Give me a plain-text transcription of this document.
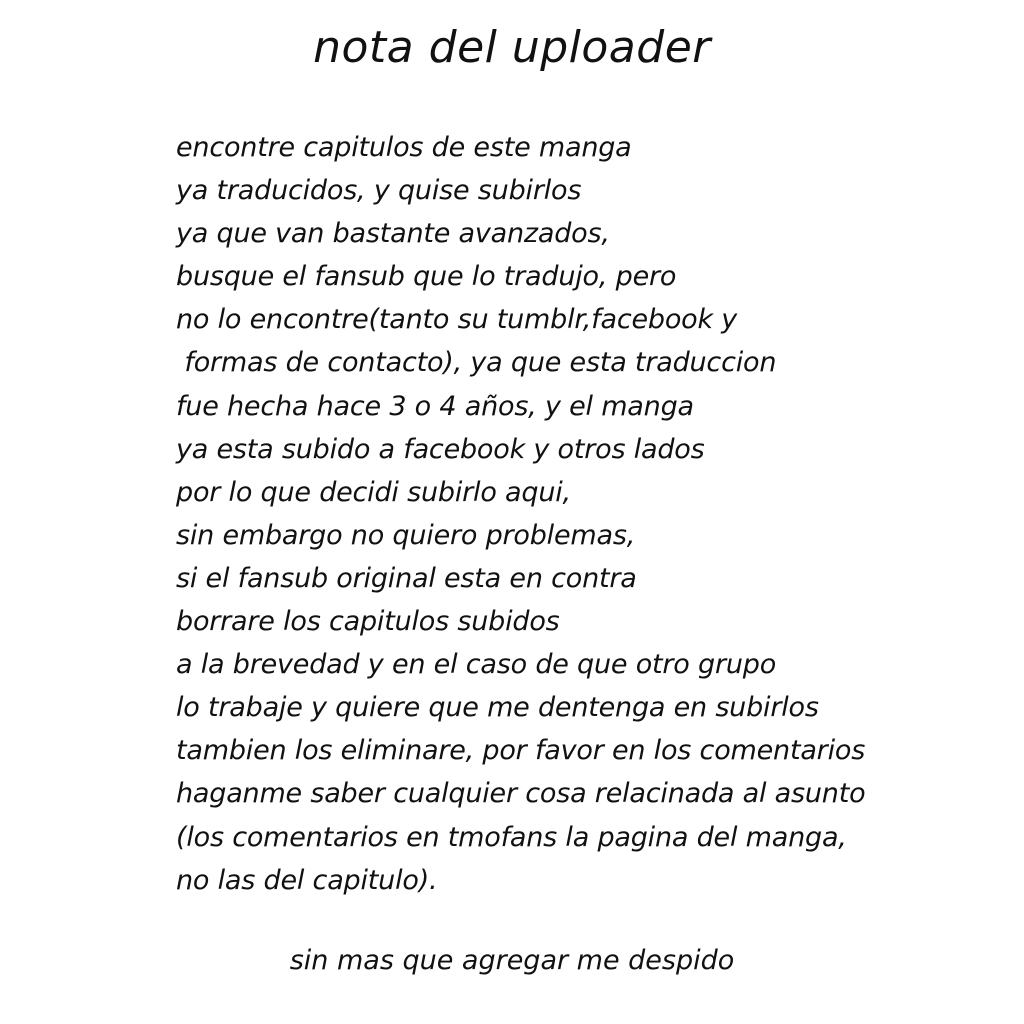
nota del uploader
encontre capitulos de este manga
ya traducidos, y quise subirlos
ya que van bastante avanzados,
busque el fansub que lo tradujo, pero
no lo encontre(tanto su tumblr,facebook y
formas de contacto), ya que esta traduccion
fue hecha hace 3 o 4 años, y el manga
ya esta subido a facebook y otros lados
por lo que decidi subirlo aqui,
sin embargo no quiero problemas,
si el fansub original esta en contra
borrare los capitulos subidos
a la brevedad y en el caso de que otro grupo
lo trabaje y quiere que me dentenga en subirlos
tambien los eliminare, por favor en los comentarios
haganme saber cualquier cosa relacinada al asunto
(los comentarios en tmofans la pagina del manga,
no las del capitulo).

sin mas que agregar me despido
